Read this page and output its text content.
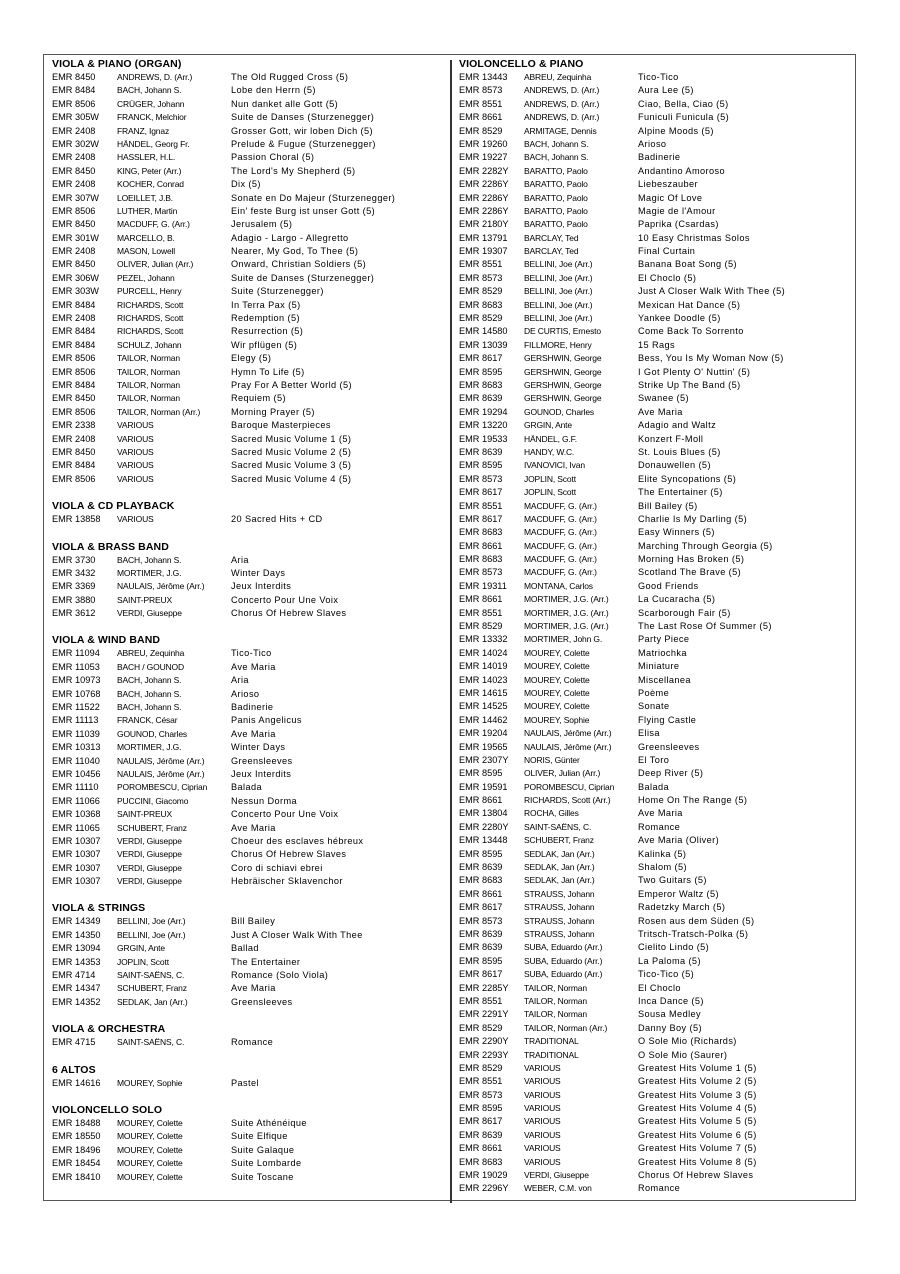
VIOLA & PIANO (ORGAN)
EMR 8450	ANDREWS, D. (Arr.)	The Old Rugged Cross (5)
EMR 8484	BACH, Johann S.	Lobe den Herrn (5)
EMR 8506	CRÜGER, Johann	Nun danket alle Gott (5)
EMR 305W	FRANCK, Melchior	Suite de Danses (Sturzenegger)
EMR 2408	FRANZ, Ignaz	Grosser Gott, wir loben Dich (5)
EMR 302W	HÄNDEL, Georg Fr.	Prelude & Fugue (Sturzenegger)
EMR 2408	HASSLER, H.L.	Passion Choral (5)
EMR 8450	KING, Peter (Arr.)	The Lord's My Shepherd (5)
EMR 2408	KOCHER, Conrad	Dix (5)
EMR 307W	LOEILLET, J.B.	Sonate en Do Majeur (Sturzenegger)
EMR 8506	LUTHER, Martin	Ein' feste Burg ist unser Gott (5)
EMR 8450	MACDUFF, G. (Arr.)	Jerusalem (5)
EMR 301W	MARCELLO, B.	Adagio - Largo - Allegretto
EMR 2408	MASON, Lowell	Nearer, My God, To Thee (5)
EMR 8450	OLIVER, Julian (Arr.)	Onward, Christian Soldiers (5)
EMR 306W	PEZEL, Johann	Suite de Danses (Sturzenegger)
EMR 303W	PURCELL, Henry	Suite (Sturzenegger)
EMR 8484	RICHARDS, Scott	In Terra Pax (5)
EMR 2408	RICHARDS, Scott	Redemption (5)
EMR 8484	RICHARDS, Scott	Resurrection (5)
EMR 8484	SCHULZ, Johann	Wir pflügen (5)
EMR 8506	TAILOR, Norman	Elegy (5)
EMR 8506	TAILOR, Norman	Hymn To Life (5)
EMR 8484	TAILOR, Norman	Pray For A Better World (5)
EMR 8450	TAILOR, Norman	Requiem (5)
EMR 8506	TAILOR, Norman (Arr.)	Morning Prayer (5)
EMR 2338	VARIOUS	Baroque Masterpieces
EMR 2408	VARIOUS	Sacred Music Volume 1 (5)
EMR 8450	VARIOUS	Sacred Music Volume 2 (5)
EMR 8484	VARIOUS	Sacred Music Volume 3 (5)
EMR 8506	VARIOUS	Sacred Music Volume 4 (5)
VIOLA & CD PLAYBACK
EMR 13858	VARIOUS	20 Sacred Hits + CD
VIOLA & BRASS BAND
EMR 3730	BACH, Johann S.	Aria
EMR 3432	MORTIMER, J.G.	Winter Days
EMR 3369	NAULAIS, Jérôme (Arr.)	Jeux Interdits
EMR 3880	SAINT-PREUX	Concerto Pour Une Voix
EMR 3612	VERDI, Giuseppe	Chorus Of Hebrew Slaves
VIOLA & WIND BAND
EMR 11094	ABREU, Zequinha	Tico-Tico
EMR 11053	BACH / GOUNOD	Ave Maria
EMR 10973	BACH, Johann S.	Aria
EMR 10768	BACH, Johann S.	Arioso
EMR 11522	BACH, Johann S.	Badinerie
EMR 11113	FRANCK, César	Panis Angelicus
EMR 11039	GOUNOD, Charles	Ave Maria
EMR 10313	MORTIMER, J.G.	Winter Days
EMR 11040	NAULAIS, Jérôme (Arr.)	Greensleeves
EMR 10456	NAULAIS, Jérôme (Arr.)	Jeux Interdits
EMR 11110	POROMBESCU, Ciprian	Balada
EMR 11066	PUCCINI, Giacomo	Nessun Dorma
EMR 10368	SAINT-PREUX	Concerto Pour Une Voix
EMR 11065	SCHUBERT, Franz	Ave Maria
EMR 10307	VERDI, Giuseppe	Choeur des esclaves hébreux
EMR 10307	VERDI, Giuseppe	Chorus Of Hebrew Slaves
EMR 10307	VERDI, Giuseppe	Coro di schiavi ebrei
EMR 10307	VERDI, Giuseppe	Hebräischer Sklavenchor
VIOLA & STRINGS
EMR 14349	BELLINI, Joe (Arr.)	Bill Bailey
EMR 14350	BELLINI, Joe (Arr.)	Just A Closer Walk With Thee
EMR 13094	GRGIN, Ante	Ballad
EMR 14353	JOPLIN, Scott	The Entertainer
EMR 4714	SAINT-SAËNS, C.	Romance (Solo Viola)
EMR 14347	SCHUBERT, Franz	Ave Maria
EMR 14352	SEDLAK, Jan (Arr.)	Greensleeves
VIOLA & ORCHESTRA
EMR 4715	SAINT-SAËNS, C.	Romance
6 ALTOS
EMR 14616	MOUREY, Sophie	Pastel
VIOLONCELLO SOLO
EMR 18488	MOUREY, Colette	Suite Athénéique
EMR 18550	MOUREY, Colette	Suite Elfique
EMR 18496	MOUREY, Colette	Suite Galaque
EMR 18454	MOUREY, Colette	Suite Lombarde
EMR 18410	MOUREY, Colette	Suite Toscane
VIOLONCELLO & PIANO
EMR 13443	ABREU, Zequinha	Tico-Tico
EMR 8573	ANDREWS, D. (Arr.)	Aura Lee (5)
EMR 8551	ANDREWS, D. (Arr.)	Ciao, Bella, Ciao (5)
EMR 8661	ANDREWS, D. (Arr.)	Funiculi Funicula (5)
EMR 8529	ARMITAGE, Dennis	Alpine Moods (5)
EMR 19260	BACH, Johann S.	Arioso
EMR 19227	BACH, Johann S.	Badinerie
EMR 2282Y	BARATTO, Paolo	Andantino Amoroso
EMR 2286Y	BARATTO, Paolo	Liebeszauber
EMR 2286Y	BARATTO, Paolo	Magic Of Love
EMR 2286Y	BARATTO, Paolo	Magie de l'Amour
EMR 2180Y	BARATTO, Paolo	Paprika (Csardas)
EMR 13791	BARCLAY, Ted	10 Easy Christmas Solos
EMR 19307	BARCLAY, Ted	Final Curtain
EMR 8551	BELLINI, Joe (Arr.)	Banana Boat Song (5)
EMR 8573	BELLINI, Joe (Arr.)	El Choclo (5)
EMR 8529	BELLINI, Joe (Arr.)	Just A Closer Walk With Thee (5)
EMR 8683	BELLINI, Joe (Arr.)	Mexican Hat Dance (5)
EMR 8529	BELLINI, Joe (Arr.)	Yankee Doodle (5)
EMR 14580	DE CURTIS, Ernesto	Come Back To Sorrento
EMR 13039	FILLMORE, Henry	15 Rags
EMR 8617	GERSHWIN, George	Bess, You Is My Woman Now (5)
EMR 8595	GERSHWIN, George	I Got Plenty O' Nuttin' (5)
EMR 8683	GERSHWIN, George	Strike Up The Band (5)
EMR 8639	GERSHWIN, George	Swanee (5)
EMR 19294	GOUNOD, Charles	Ave Maria
EMR 13220	GRGIN, Ante	Adagio and Waltz
EMR 19533	HÄNDEL, G.F.	Konzert F-Moll
EMR 8639	HANDY, W.C.	St. Louis Blues (5)
EMR 8595	IVANOVICI, Ivan	Donauwellen (5)
EMR 8573	JOPLIN, Scott	Elite Syncopations (5)
EMR 8617	JOPLIN, Scott	The Entertainer (5)
EMR 8551	MACDUFF, G. (Arr.)	Bill Bailey (5)
EMR 8617	MACDUFF, G. (Arr.)	Charlie Is My Darling (5)
EMR 8683	MACDUFF, G. (Arr.)	Easy Winners (5)
EMR 8661	MACDUFF, G. (Arr.)	Marching Through Georgia (5)
EMR 8683	MACDUFF, G. (Arr.)	Morning Has Broken (5)
EMR 8573	MACDUFF, G. (Arr.)	Scotland The Brave (5)
EMR 19311	MONTANA, Carlos	Good Friends
EMR 8661	MORTIMER, J.G. (Arr.)	La Cucaracha (5)
EMR 8551	MORTIMER, J.G. (Arr.)	Scarborough Fair (5)
EMR 8529	MORTIMER, J.G. (Arr.)	The Last Rose Of Summer (5)
EMR 13332	MORTIMER, John G.	Party Piece
EMR 14024	MOUREY, Colette	Matriochka
EMR 14019	MOUREY, Colette	Miniature
EMR 14023	MOUREY, Colette	Miscellanea
EMR 14615	MOUREY, Colette	Poème
EMR 14525	MOUREY, Colette	Sonate
EMR 14462	MOUREY, Sophie	Flying Castle
EMR 19204	NAULAIS, Jérôme (Arr.)	Elisa
EMR 19565	NAULAIS, Jérôme (Arr.)	Greensleeves
EMR 2307Y	NORIS, Günter	El Toro
EMR 8595	OLIVER, Julian (Arr.)	Deep River (5)
EMR 19591	POROMBESCU, Ciprian	Balada
EMR 8661	RICHARDS, Scott (Arr.)	Home On The Range (5)
EMR 13804	ROCHA, Gilles	Ave Maria
EMR 2280Y	SAINT-SAËNS, C.	Romance
EMR 13448	SCHUBERT, Franz	Ave Maria (Oliver)
EMR 8595	SEDLAK, Jan (Arr.)	Kalinka (5)
EMR 8639	SEDLAK, Jan (Arr.)	Shalom (5)
EMR 8683	SEDLAK, Jan (Arr.)	Two Guitars (5)
EMR 8661	STRAUSS, Johann	Emperor Waltz (5)
EMR 8617	STRAUSS, Johann	Radetzky March (5)
EMR 8573	STRAUSS, Johann	Rosen aus dem Süden (5)
EMR 8639	STRAUSS, Johann	Tritsch-Tratsch-Polka (5)
EMR 8639	SUBA, Eduardo (Arr.)	Cielito Lindo (5)
EMR 8595	SUBA, Eduardo (Arr.)	La Paloma (5)
EMR 8617	SUBA, Eduardo (Arr.)	Tico-Tico (5)
EMR 2285Y	TAILOR, Norman	El Choclo
EMR 8551	TAILOR, Norman	Inca Dance (5)
EMR 2291Y	TAILOR, Norman	Sousa Medley
EMR 8529	TAILOR, Norman (Arr.)	Danny Boy (5)
EMR 2290Y	TRADITIONAL	O Sole Mio (Richards)
EMR 2293Y	TRADITIONAL	O Sole Mio (Saurer)
EMR 8529	VARIOUS	Greatest Hits Volume 1 (5)
EMR 8551	VARIOUS	Greatest Hits Volume 2 (5)
EMR 8573	VARIOUS	Greatest Hits Volume 3 (5)
EMR 8595	VARIOUS	Greatest Hits Volume 4 (5)
EMR 8617	VARIOUS	Greatest Hits Volume 5 (5)
EMR 8639	VARIOUS	Greatest Hits Volume 6 (5)
EMR 8661	VARIOUS	Greatest Hits Volume 7 (5)
EMR 8683	VARIOUS	Greatest Hits Volume 8 (5)
EMR 19029	VERDI, Giuseppe	Chorus Of Hebrew Slaves
EMR 2296Y	WEBER, C.M. von	Romance
